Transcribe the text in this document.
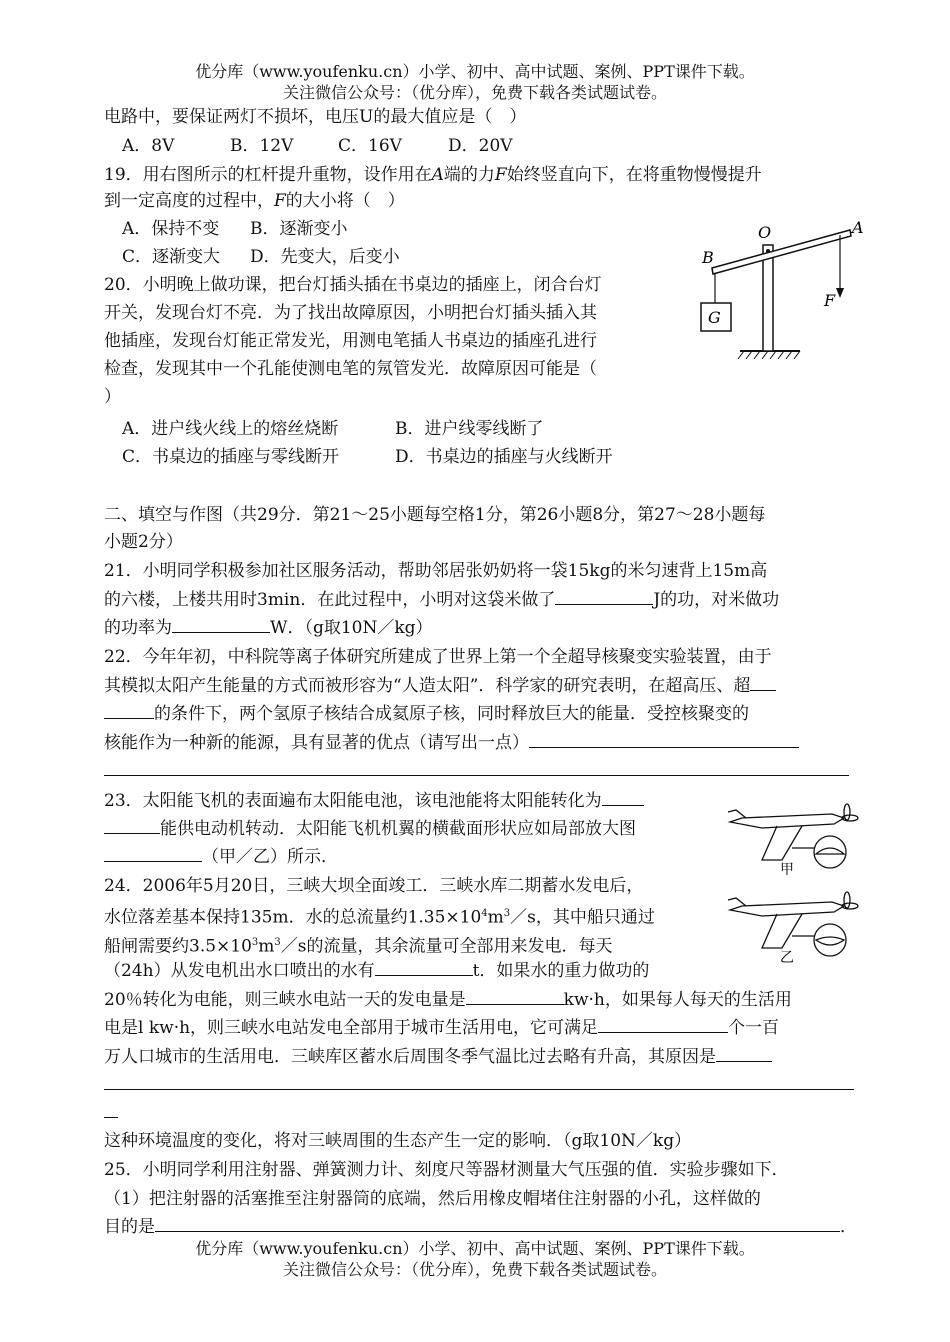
优分库（www.youfenku.cn）小学、初中、高中试题、案例、PPT课件下载。
关注微信公众号：（优分库），免费下载各类试题试卷。
电路中，要保证两灯不损坏，电压U的最大值应是（　）
A．8V	B．12V	C．16V	D．20V
19．用右图所示的杠杆提升重物，设作用在A端的力F始终竖直向下，在将重物慢慢提升
到一定高度的过程中，F的大小将（　）
A．保持不变 B．逐渐变小
C．逐渐变大 D．先变大，后变小
O	A
B
F
G
20．小明晚上做功课，把台灯插头插在书桌边的插座上，闭合台灯
开关，发现台灯不亮．为了找出故障原因，小明把台灯插头插入其
他插座，发现台灯能正常发光，用测电笔插人书桌边的插座孔进行
检查，发现其中一个孔能使测电笔的氖管发光．故障原因可能是（
）
A．进户线火线上的熔丝烧断	B．进户线零线断了
C．书桌边的插座与零线断开	D．书桌边的插座与火线断开
二、填空与作图（共29分．第21～25小题每空格1分，第26小题8分，第27～28小题每
小题2分）
21．小明同学积极参加社区服务活动，帮助邻居张奶奶将一袋15kg的米匀速背上15m高
的六楼，上楼共用时3min．在此过程中，小明对这袋米做了	J的功，对米做功
的功率为	W．（g取10N／kg）
22．今年年初，中科院等离子体研究所建成了世界上第一个全超导核聚变实验装置，由于
其模拟太阳产生能量的方式而被形容为“人造太阳”．科学家的研究表明，在超高压、超
的条件下，两个氢原子核结合成氦原子核，同时释放巨大的能量．受控核聚变的
核能作为一种新的能源，具有显著的优点（请写出一点）
23．太阳能飞机的表面遍布太阳能电池，该电池能将太阳能转化为
能供电动机转动．太阳能飞机机翼的横截面形状应如局部放大图
（甲／乙）所示．
甲
乙
24．2006年5月20日，三峡大坝全面竣工．三峡水库二期蓄水发电后，
水位落差基本保持135m．水的总流量约$1.35\times 10^4m^3/s$，其中船只通过
船闸需要约$3.5\times 10^3m^3/s$的流量，其余流量可全部用来发电．每天
（24h）从发电机出水口喷出的水有	t．如果水的重力做功的
20％转化为电能，则三峡水电站一天的发电量是	kw·h，如果每人每天的生活用
电是l kw·h，则三峡水电站发电全部用于城市生活用电，它可满足	个一百
万人口城市的生活用电．三峡库区蓄水后周围冬季气温比过去略有升高，其原因是
这种环境温度的变化，将对三峡周围的生态产生一定的影响．（g取10N／kg）
25．小明同学利用注射器、弹簧测力计、刻度尺等器材测量大气压强的值．实验步骤如下．
（1）把注射器的活塞推至注射器筒的底端，然后用橡皮帽堵住注射器的小孔，这样做的
目的是	．
优分库（www.youfenku.cn）小学、初中、高中试题、案例、PPT课件下载。
关注微信公众号：（优分库），免费下载各类试题试卷。
